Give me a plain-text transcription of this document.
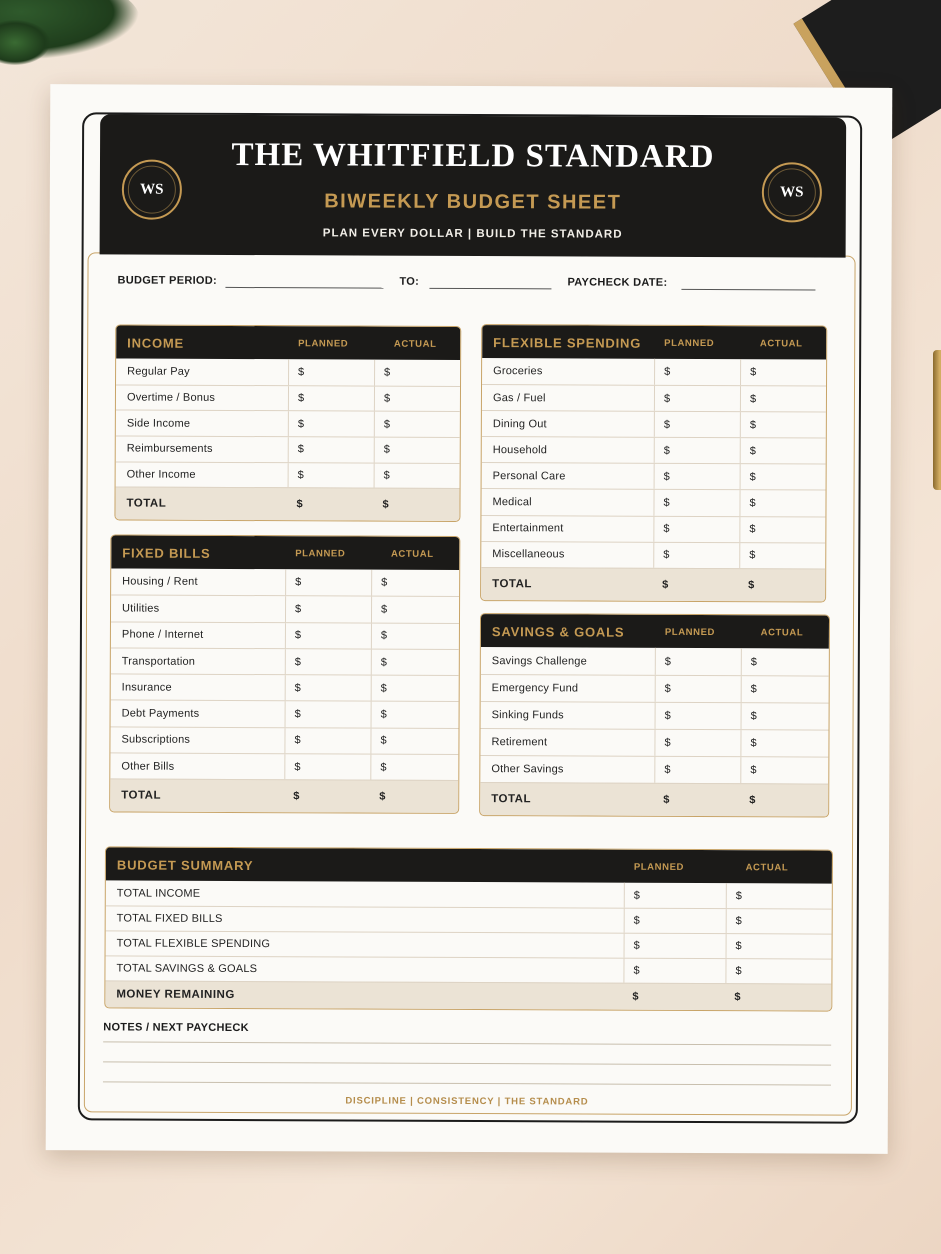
WS
THE WHITFIELD STANDARD
BIWEEKLY BUDGET SHEET
PLAN EVERY DOLLAR | BUILD THE STANDARD
WS
BUDGET PERIOD:	TO:	PAYCHECK DATE:
INCOME	PLANNED	ACTUAL
Regular Pay	$	$
Overtime / Bonus	$	$
Side Income	$	$
Reimbursements	$	$
Other Income	$	$
TOTAL	$	$
FIXED BILLS	PLANNED	ACTUAL
Housing / Rent	$	$
Utilities	$	$
Phone / Internet	$	$
Transportation	$	$
Insurance	$	$
Debt Payments	$	$
Subscriptions	$	$
Other Bills	$	$
TOTAL	$	$
FLEXIBLE SPENDING	PLANNED	ACTUAL
Groceries	$	$
Gas / Fuel	$	$
Dining Out	$	$
Household	$	$
Personal Care	$	$
Medical	$	$
Entertainment	$	$
Miscellaneous	$	$
TOTAL	$	$
SAVINGS & GOALS	PLANNED	ACTUAL
Savings Challenge	$	$
Emergency Fund	$	$
Sinking Funds	$	$
Retirement	$	$
Other Savings	$	$
TOTAL	$	$
BUDGET SUMMARY	PLANNED	ACTUAL
TOTAL INCOME	$	$
TOTAL FIXED BILLS	$	$
TOTAL FLEXIBLE SPENDING	$	$
TOTAL SAVINGS & GOALS	$	$
MONEY REMAINING	$	$
NOTES / NEXT PAYCHECK
DISCIPLINE | CONSISTENCY | THE STANDARD
